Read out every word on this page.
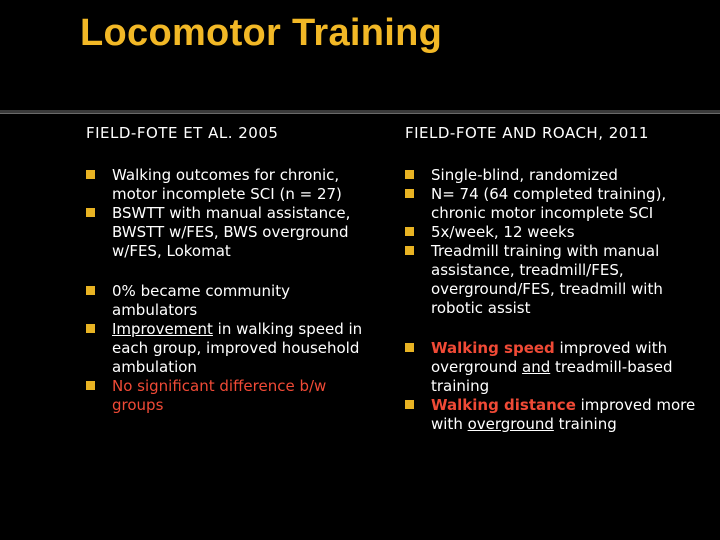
Locomotor Training
FIELD-FOTE ET AL. 2005
Walking outcomes for chronic, motor incomplete SCI (n = 27)
BSWTT with manual assistance, BWSTT w/FES, BWS overground w/FES, Lokomat
0% became community ambulators
Improvement in walking speed in each group, improved household ambulation
No significant difference b/w groups
FIELD-FOTE AND ROACH, 2011
Single-blind, randomized
N= 74 (64 completed training), chronic motor incomplete SCI
5x/week, 12 weeks
Treadmill training with manual assistance, treadmill/FES, overground/FES, treadmill with robotic assist
Walking speed improved with overground and treadmill-based training
Walking distance improved more with overground training
